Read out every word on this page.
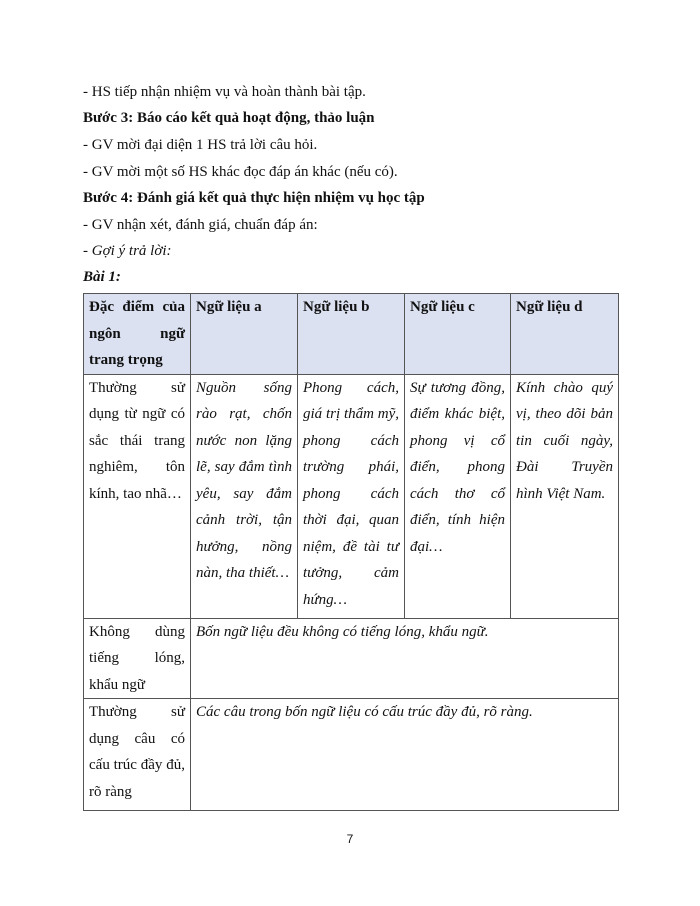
- HS tiếp nhận nhiệm vụ và hoàn thành bài tập.
Bước 3: Báo cáo kết quả hoạt động, thảo luận
- GV mời đại diện 1 HS trả lời câu hỏi.
- GV mời một số HS khác đọc đáp án khác (nếu có).
Bước 4: Đánh giá kết quả thực hiện nhiệm vụ học tập
- GV nhận xét, đánh giá, chuẩn đáp án:
- Gợi ý trả lời:
Bài 1:
Đặc điểm của ngôn ngữ trang trọng	Ngữ liệu a	Ngữ liệu b	Ngữ liệu c	Ngữ liệu d
Thường sử dụng từ ngữ có sắc thái trang nghiêm, tôn kính, tao nhã…	Nguồn sống rào rạt, chốn nước non lặng lẽ, say đắm tình yêu, say đắm cảnh trời, tận hưởng, nồng nàn, tha thiết…	Phong cách, giá trị thẩm mỹ, phong cách trường phái, phong cách thời đại, quan niệm, đề tài tư tưởng, cảm hứng…	Sự tương đồng, điểm khác biệt, phong vị cổ điển, phong cách thơ cổ điển, tính hiện đại…	Kính chào quý vị, theo dõi bản tin cuối ngày, Đài Truyền hình Việt Nam.
Không dùng tiếng lóng, khẩu ngữ	Bốn ngữ liệu đều không có tiếng lóng, khẩu ngữ.			
Thường sử dụng câu có cấu trúc đầy đủ, rõ ràng	Các câu trong bốn ngữ liệu có cấu trúc đầy đủ, rõ ràng.			
7
